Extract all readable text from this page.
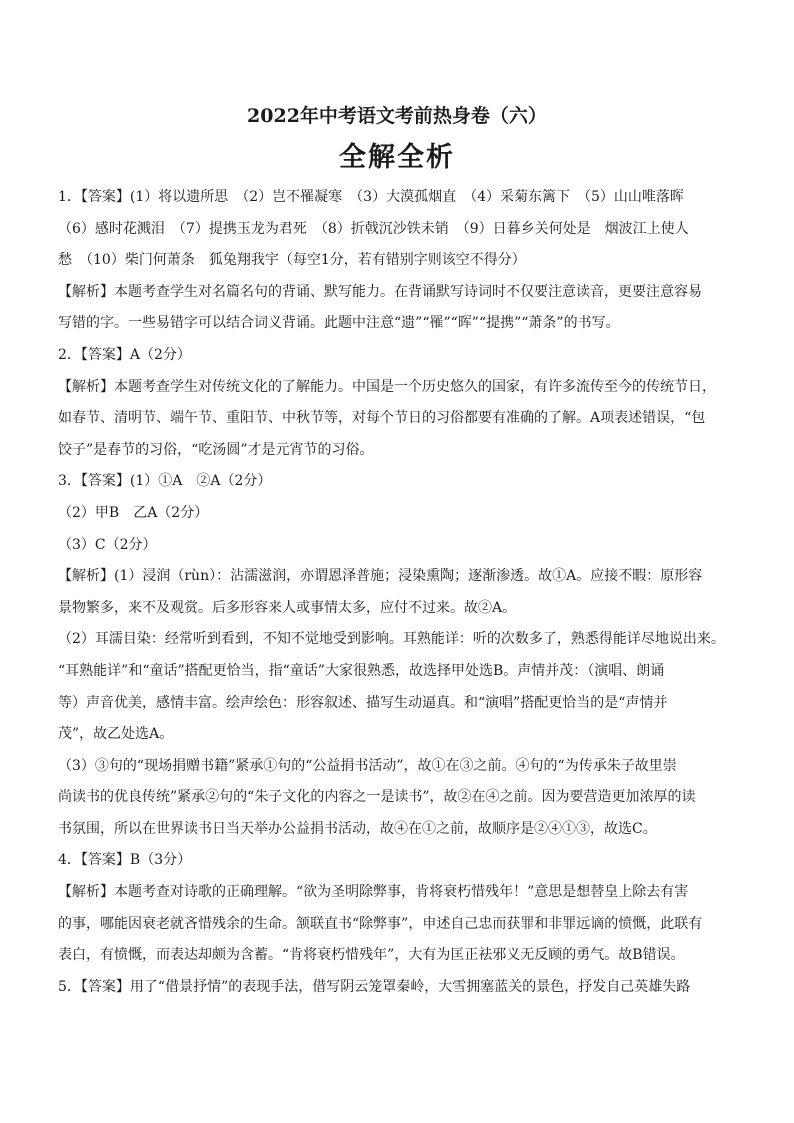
2022年中考语文考前热身卷（六）
全解全析
1．【答案】(1）将以遗所思　（2）岂不罹凝寒　（3）大漠孤烟直　（4）采菊东篱下　（5）山山唯落晖
（6）感时花溅泪　（7）提携玉龙为君死　（8）折戟沉沙铁未销　（9）日暮乡关何处是　烟波江上使人
愁　（10）柴门何萧条　狐兔翔我宇（每空1分，若有错别字则该空不得分）
【解析】本题考查学生对名篇名句的背诵、默写能力。在背诵默写诗词时不仅要注意读音，更要注意容易
写错的字。一些易错字可以结合词义背诵。此题中注意“遗”“罹”“晖”“提携”“萧条”的书写。
2．【答案】A（2分）
【解析】本题考查学生对传统文化的了解能力。中国是一个历史悠久的国家，有许多流传至今的传统节日，
如春节、清明节、端午节、重阳节、中秋节等，对每个节日的习俗都要有准确的了解。A项表述错误，“包
饺子”是春节的习俗，“吃汤圆”才是元宵节的习俗。
3．【答案】(1）①A　②A（2分）
（2）甲B　乙A（2分）
（3）C（2分）
【解析】(1）浸润（rùn）：沾濡滋润，亦谓恩泽普施；浸染熏陶；逐渐渗透。故①A。应接不暇：原形容
景物繁多，来不及观赏。后多形容来人或事情太多，应付不过来。故②A。
（2）耳濡目染：经常听到看到，不知不觉地受到影响。耳熟能详：听的次数多了，熟悉得能详尽地说出来。
“耳熟能详”和“童话”搭配更恰当，指“童话”大家很熟悉，故选择甲处选B。声情并茂：（演唱、朗诵
等）声音优美，感情丰富。绘声绘色：形容叙述、描写生动逼真。和“演唱”搭配更恰当的是“声情并
茂”，故乙处选A。
（3）③句的“现场捐赠书籍”紧承①句的“公益捐书活动”，故①在③之前。④句的“为传承朱子故里崇
尚读书的优良传统”紧承②句的“朱子文化的内容之一是读书”，故②在④之前。因为要营造更加浓厚的读
书氛围，所以在世界读书日当天举办公益捐书活动，故④在①之前，故顺序是②④①③，故选C。
4．【答案】B（3分）
【解析】本题考查对诗歌的正确理解。“欲为圣明除弊事，肯将衰朽惜残年！”意思是想替皇上除去有害
的事，哪能因衰老就吝惜残余的生命。颔联直书“除弊事”，申述自己忠而获罪和非罪远谪的愤慨，此联有
表白，有愤慨，而表达却颇为含蓄。“肯将衰朽惜残年”，大有为匡正祛邪义无反顾的勇气。故B错误。
5．【答案】用了“借景抒情”的表现手法，借写阴云笼罩秦岭，大雪拥塞蓝关的景色，抒发自己英雄失路
